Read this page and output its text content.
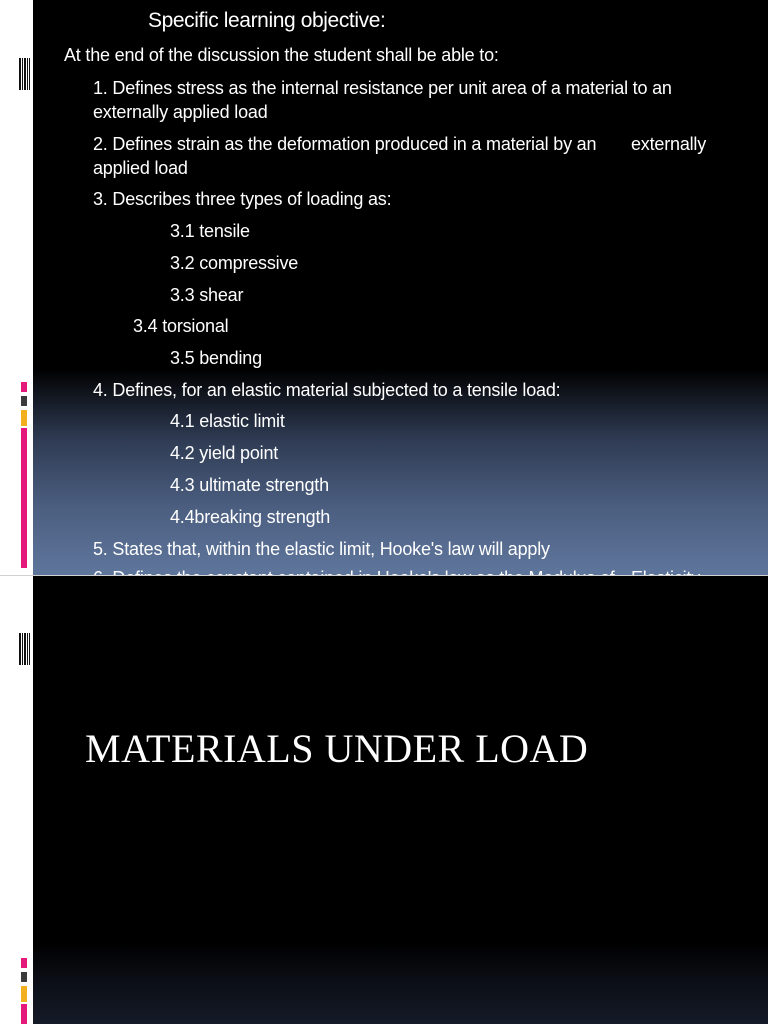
Specific learning objective:
At the end of the discussion the student shall be able to:
1. Defines stress as the internal resistance per unit area of a material to an
externally applied load
2. Defines strain as the deformation produced in a material by an externally
applied load
3. Describes three types of loading as:
3.1 tensile
3.2 compressive
3.3 shear
3.4 torsional
3.5 bending
4. Defines, for an elastic material subjected to a tensile load:
4.1 elastic limit
4.2 yield point
4.3 ultimate strength
4.4breaking strength
5. States that, within the elastic limit, Hooke's law will apply
MATERIALS UNDER LOAD
